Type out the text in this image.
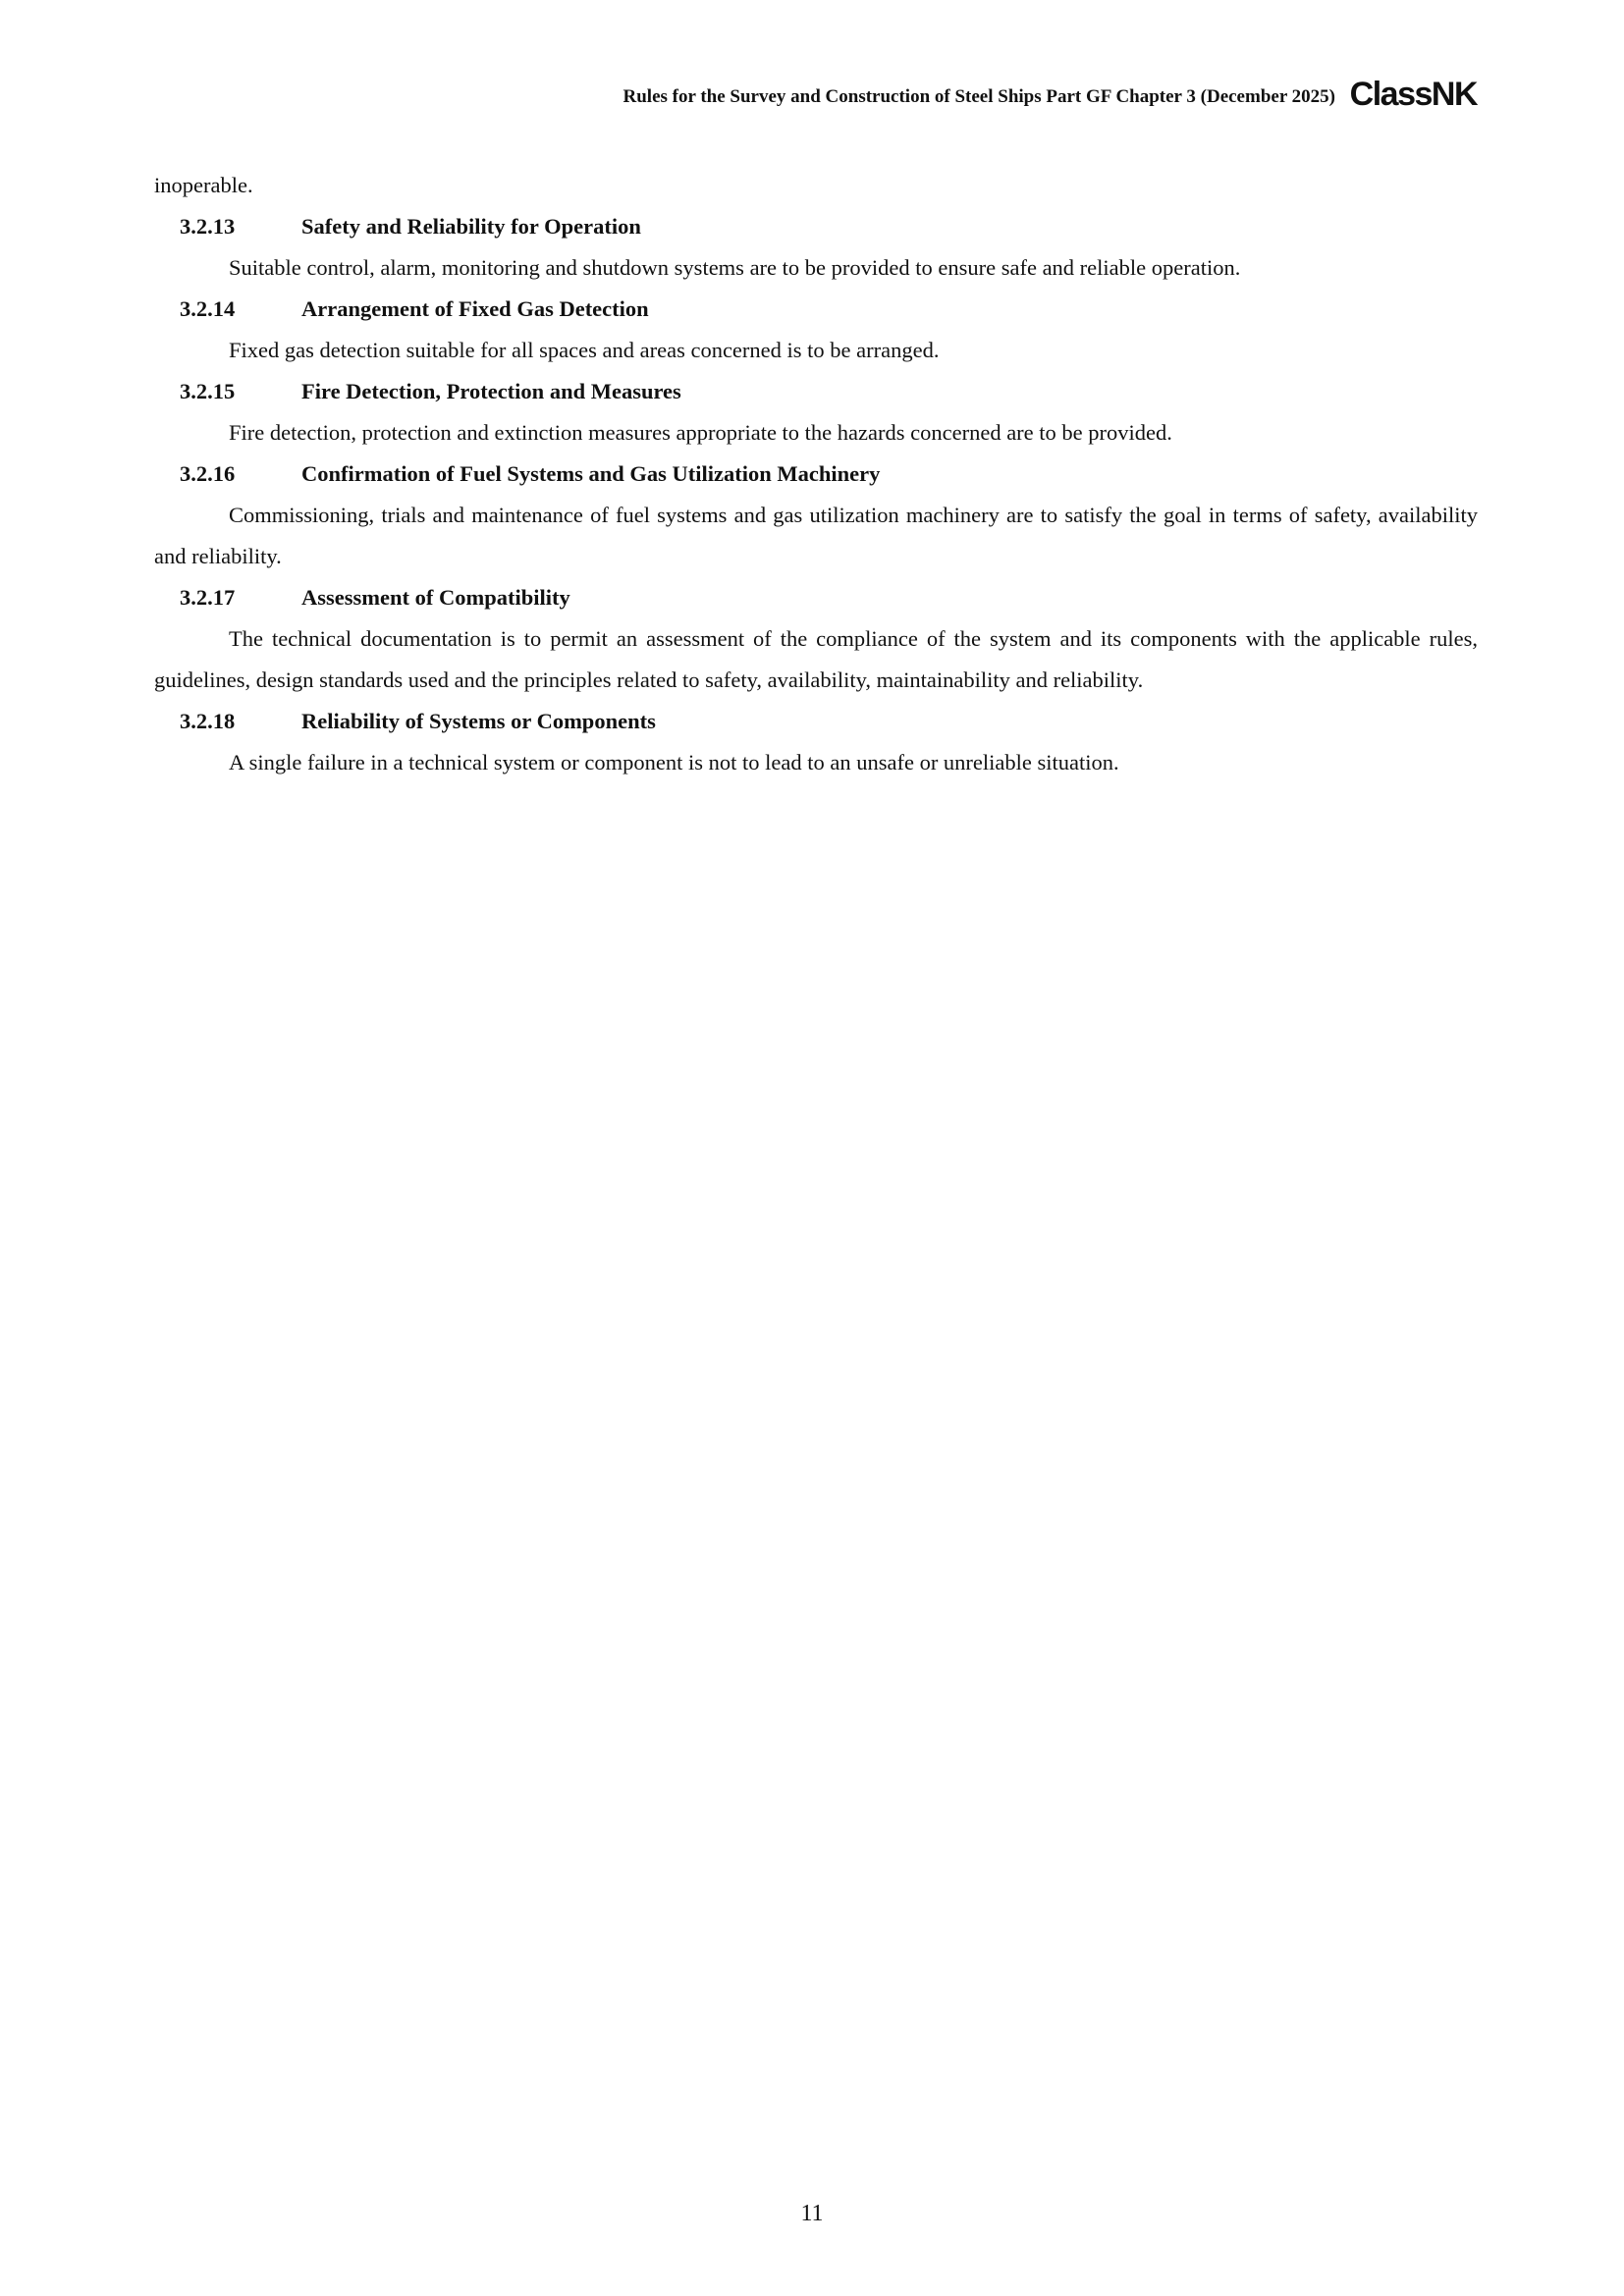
Rules for the Survey and Construction of Steel Ships Part GF Chapter 3 (December 2025) ClassNK

inoperable.

3.2.13	Safety and Reliability for Operation

Suitable control, alarm, monitoring and shutdown systems are to be provided to ensure safe and reliable operation.

3.2.14	Arrangement of Fixed Gas Detection

Fixed gas detection suitable for all spaces and areas concerned is to be arranged.

3.2.15	Fire Detection, Protection and Measures

Fire detection, protection and extinction measures appropriate to the hazards concerned are to be provided.

3.2.16	Confirmation of Fuel Systems and Gas Utilization Machinery

Commissioning, trials and maintenance of fuel systems and gas utilization machinery are to satisfy the goal in terms of safety, availability and reliability.

3.2.17	Assessment of Compatibility

The technical documentation is to permit an assessment of the compliance of the system and its components with the applicable rules, guidelines, design standards used and the principles related to safety, availability, maintainability and reliability.

3.2.18	Reliability of Systems or Components

A single failure in a technical system or component is not to lead to an unsafe or unreliable situation.

11
